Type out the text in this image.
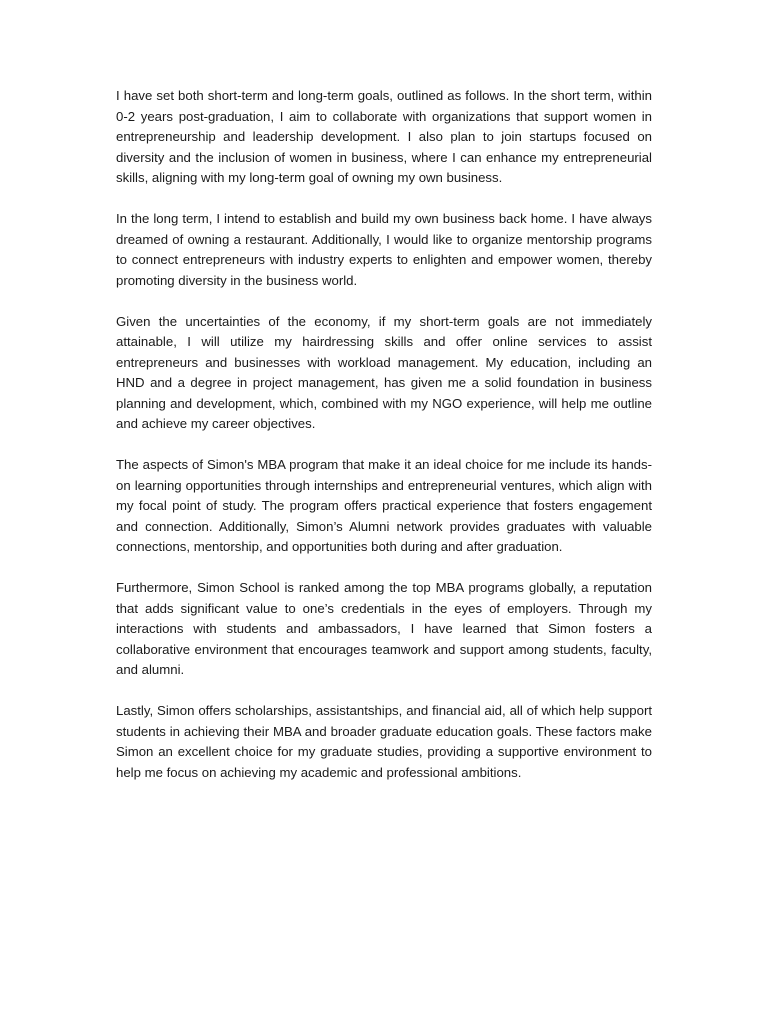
I have set both short-term and long-term goals, outlined as follows. In the short term, within 0-2 years post-graduation, I aim to collaborate with organizations that support women in entrepreneurship and leadership development. I also plan to join startups focused on diversity and the inclusion of women in business, where I can enhance my entrepreneurial skills, aligning with my long-term goal of owning my own business.

In the long term, I intend to establish and build my own business back home. I have always dreamed of owning a restaurant. Additionally, I would like to organize mentorship programs to connect entrepreneurs with industry experts to enlighten and empower women, thereby promoting diversity in the business world.

Given the uncertainties of the economy, if my short-term goals are not immediately attainable, I will utilize my hairdressing skills and offer online services to assist entrepreneurs and businesses with workload management. My education, including an HND and a degree in project management, has given me a solid foundation in business planning and development, which, combined with my NGO experience, will help me outline and achieve my career objectives.

The aspects of Simon's MBA program that make it an ideal choice for me include its hands-on learning opportunities through internships and entrepreneurial ventures, which align with my focal point of study. The program offers practical experience that fosters engagement and connection. Additionally, Simon’s Alumni network provides graduates with valuable connections, mentorship, and opportunities both during and after graduation.

Furthermore, Simon School is ranked among the top MBA programs globally, a reputation that adds significant value to one’s credentials in the eyes of employers. Through my interactions with students and ambassadors, I have learned that Simon fosters a collaborative environment that encourages teamwork and support among students, faculty, and alumni.

Lastly, Simon offers scholarships, assistantships, and financial aid, all of which help support students in achieving their MBA and broader graduate education goals. These factors make Simon an excellent choice for my graduate studies, providing a supportive environment to help me focus on achieving my academic and professional ambitions.
